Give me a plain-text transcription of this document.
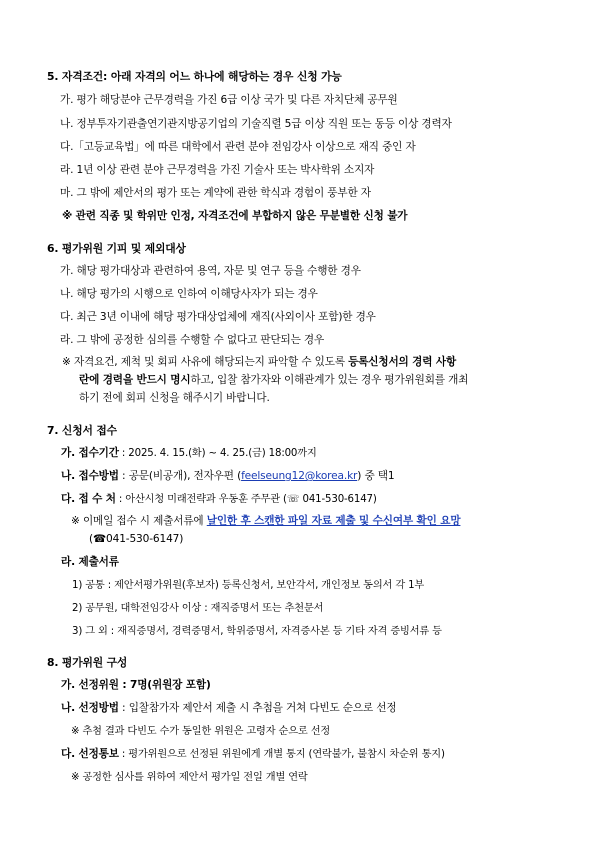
5. 자격조건: 아래 자격의 어느 하나에 해당하는 경우 신청 가능
가. 평가 해당분야 근무경력을 가진 6급 이상 국가 및 다른 자치단체 공무원
나. 정부투자기관출연기관지방공기업의 기술직렬 5급 이상 직원 또는 동등 이상 경력자
다.「고등교육법」에 따른 대학에서 관련 분야 전임강사 이상으로 재직 중인 자
라. 1년 이상 관련 분야 근무경력을 가진 기술사 또는 박사학위 소지자
마. 그 밖에 제안서의 평가 또는 계약에 관한 학식과 경험이 풍부한 자
※ 관련 직종 및 학위만 인정, 자격조건에 부합하지 않은 무분별한 신청 불가
6. 평가위원 기피 및 제외대상
가. 해당 평가대상과 관련하여 용역, 자문 및 연구 등을 수행한 경우
나. 해당 평가의 시행으로 인하여 이해당사자가 되는 경우
다. 최근 3년 이내에 해당 평가대상업체에 재직(사외이사 포함)한 경우
라. 그 밖에 공정한 심의를 수행할 수 없다고 판단되는 경우
※ 자격요건, 제척 및 회피 사유에 해당되는지 파악할 수 있도록 등록신청서의 경력 사항
란에 경력을 반드시 명시하고, 입찰 참가자와 이해관계가 있는 경우 평가위원회를 개최
하기 전에 회피 신청을 해주시기 바랍니다.
7. 신청서 접수
가. 접수기간 : 2025. 4. 15.(화) ~ 4. 25.(금) 18:00까지
나. 접수방법 : 공문(비공개), 전자우편 (feelseung12@korea.kr) 중 택1
다. 접 수 처 : 아산시청 미래전략과 우동훈 주무관 (☏ 041-530-6147)
※ 이메일 접수 시 제출서류에 날인한 후 스캔한 파일 자료 제출 및 수신여부 확인 요망
(☎041-530-6147)
라. 제출서류
1) 공통 : 제안서평가위원(후보자) 등록신청서, 보안각서, 개인정보 동의서 각 1부
2) 공무원, 대학전임강사 이상 : 재직증명서 또는 추천문서
3) 그 외 : 재직증명서, 경력증명서, 학위증명서, 자격증사본 등 기타 자격 증빙서류 등
8. 평가위원 구성
가. 선정위원 : 7명(위원장 포함)
나. 선정방법 : 입찰참가자 제안서 제출 시 추첨을 거쳐 다빈도 순으로 선정
※ 추첨 결과 다빈도 수가 동일한 위원은 고령자 순으로 선정
다. 선정통보 : 평가위원으로 선정된 위원에게 개별 통지 (연락불가, 불참시 차순위 통지)
※ 공정한 심사를 위하여 제안서 평가일 전일 개별 연락
